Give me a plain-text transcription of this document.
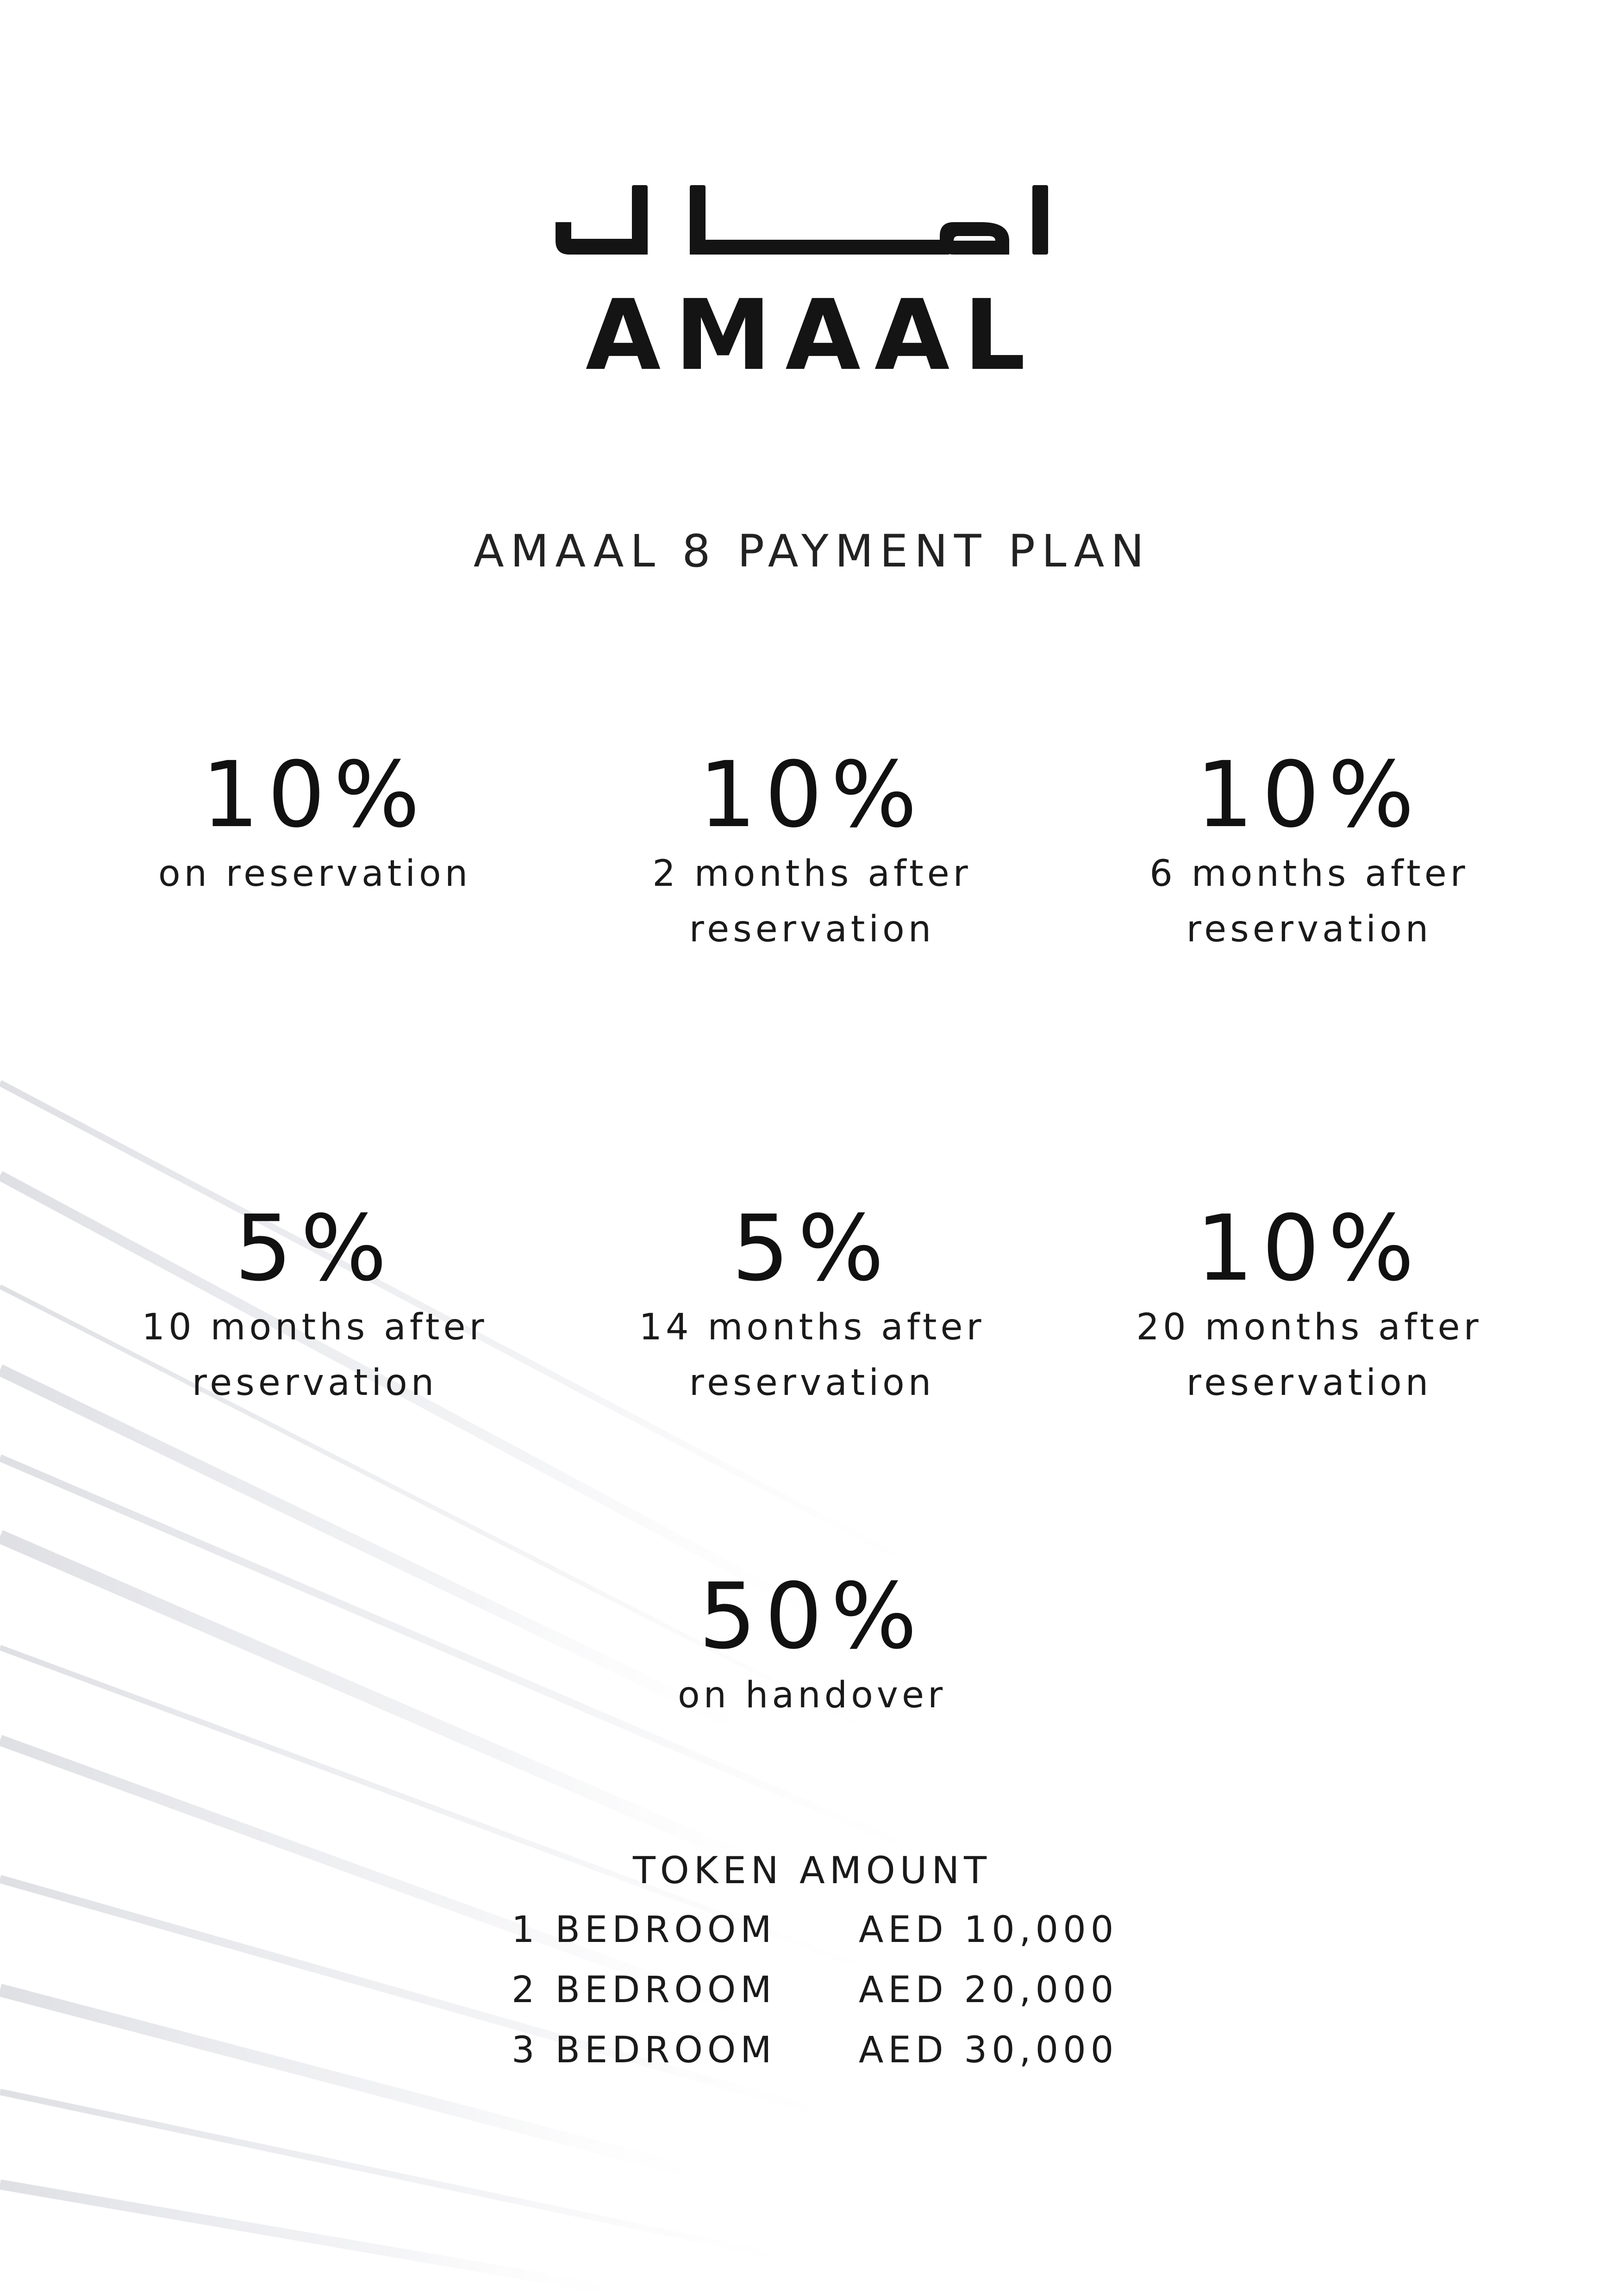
AMAAL
AMAAL 8 PAYMENT PLAN
10%
on reservation
10%
2 months after reservation
10%
6 months after reservation
5%
10 months after reservation
5%
14 months after reservation
10%
20 months after reservation
50%
on handover
TOKEN AMOUNT
1 BEDROOM AED 10,000
2 BEDROOM AED 20,000
3 BEDROOM AED 30,000
